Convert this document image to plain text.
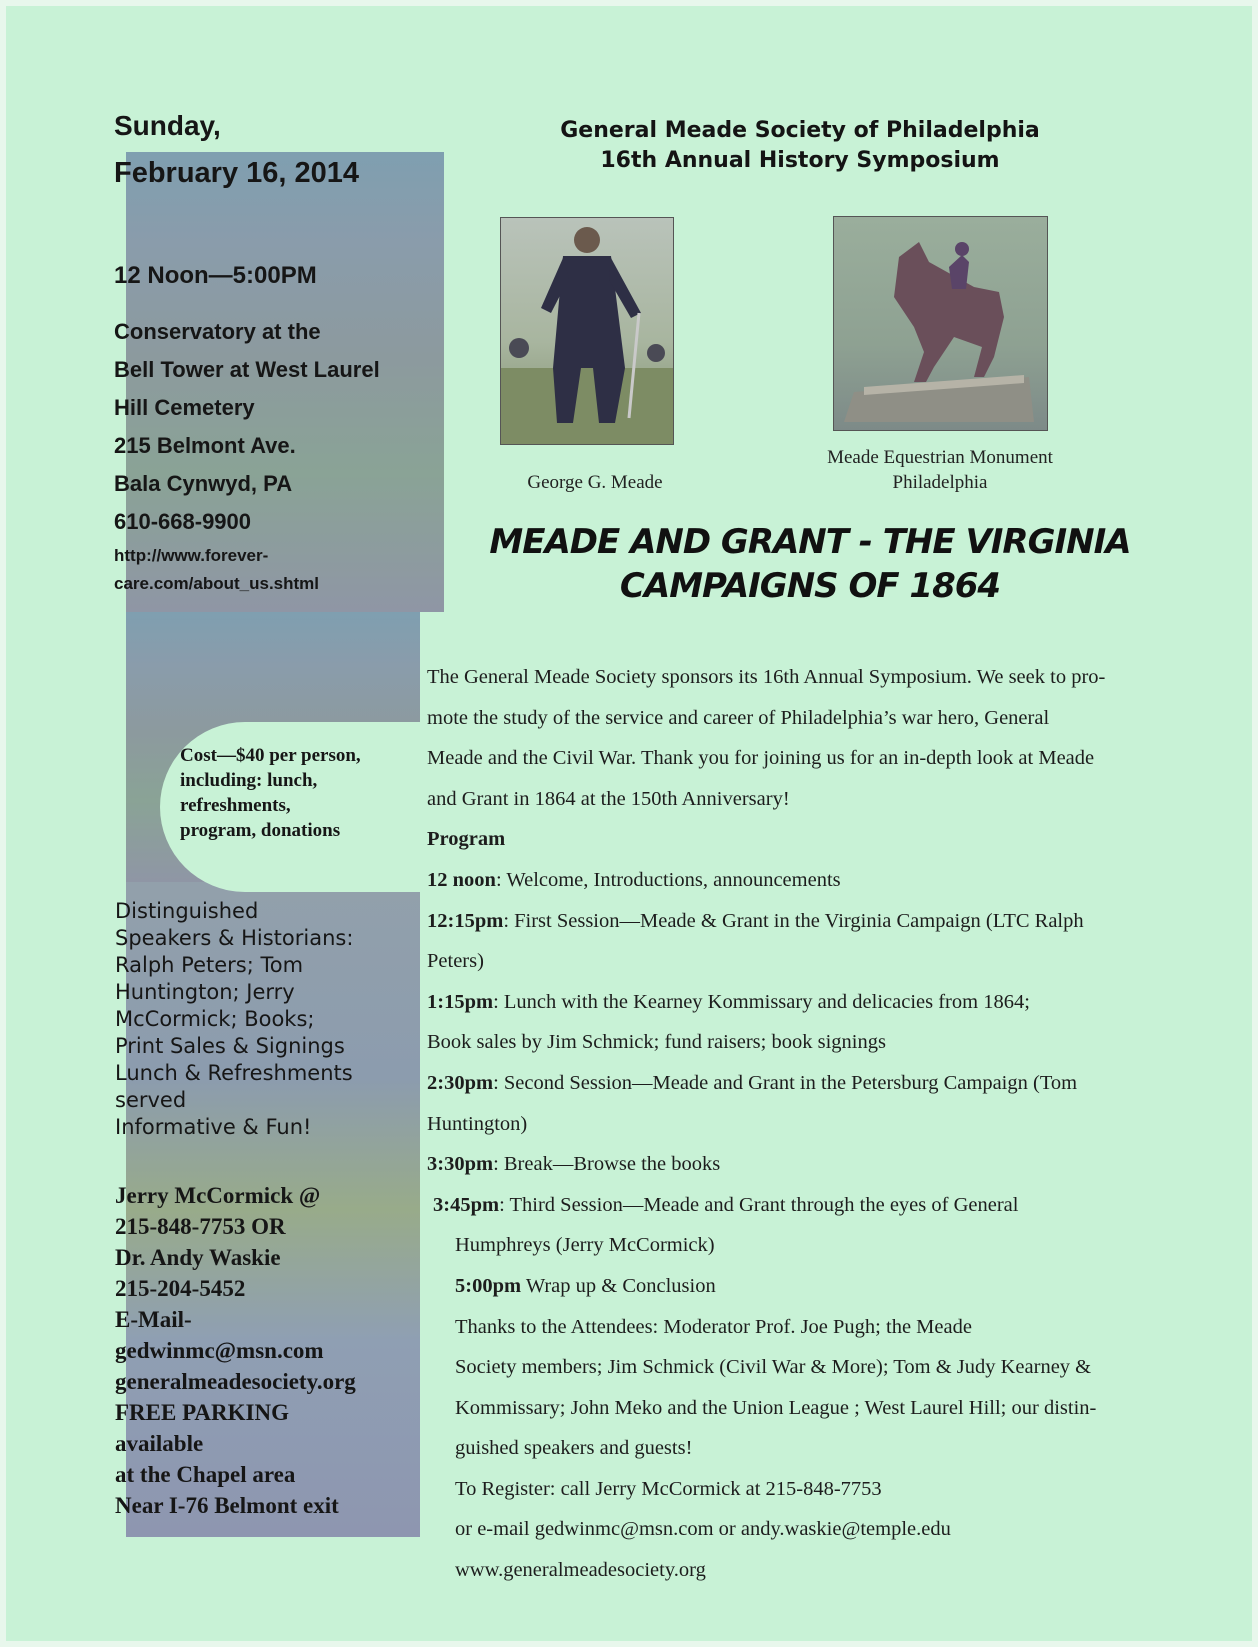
Sunday,
February 16, 2014
12 Noon—5:00PM
Conservatory at the
Bell Tower at West Laurel
Hill Cemetery
215 Belmont Ave.
Bala Cynwyd, PA
610-668-9900
http://www.forever-
care.com/about_us.shtml
Cost—$40 per person,
including: lunch,
refreshments,
program, donations
Distinguished
Speakers & Historians:
Ralph Peters; Tom
Huntington; Jerry
McCormick; Books;
Print Sales & Signings
Lunch & Refreshments
served
Informative & Fun!
Jerry McCormick @
215-848-7753 OR
Dr. Andy Waskie
215-204-5452
E-Mail-
gedwinmc@msn.com
generalmeadesociety.org
FREE PARKING
available
at the Chapel area
Near I-76 Belmont exit
General Meade Society of Philadelphia
16th Annual History Symposium
George G. Meade
Meade Equestrian Monument
Philadelphia
MEADE AND GRANT - THE VIRGINIA
CAMPAIGNS OF 1864

The General Meade Society sponsors its 16th Annual Symposium. We seek to pro-

mote the study of the service and career of Philadelphia’s war hero, General

Meade and the Civil War. Thank you for joining us for an in-depth look at Meade

and Grant in 1864 at the 150th Anniversary!

Program

12 noon: Welcome, Introductions, announcements

12:15pm: First Session—Meade & Grant in the Virginia Campaign (LTC Ralph

Peters)

1:15pm: Lunch with the Kearney Kommissary and delicacies from 1864;

Book sales by Jim Schmick; fund raisers; book signings

2:30pm: Second Session—Meade and Grant in the Petersburg Campaign (Tom

Huntington)

3:30pm: Break—Browse the books

3:45pm: Third Session—Meade and Grant through the eyes of General

Humphreys (Jerry McCormick)

5:00pm Wrap up & Conclusion

Thanks to the Attendees: Moderator Prof. Joe Pugh; the Meade

Society members; Jim Schmick (Civil War & More); Tom & Judy Kearney &

Kommissary; John Meko and the Union League ; West Laurel Hill; our distin-

guished speakers and guests!

To Register: call Jerry McCormick at 215-848-7753

or e-mail gedwinmc@msn.com or andy.waskie@temple.edu

www.generalmeadesociety.org
